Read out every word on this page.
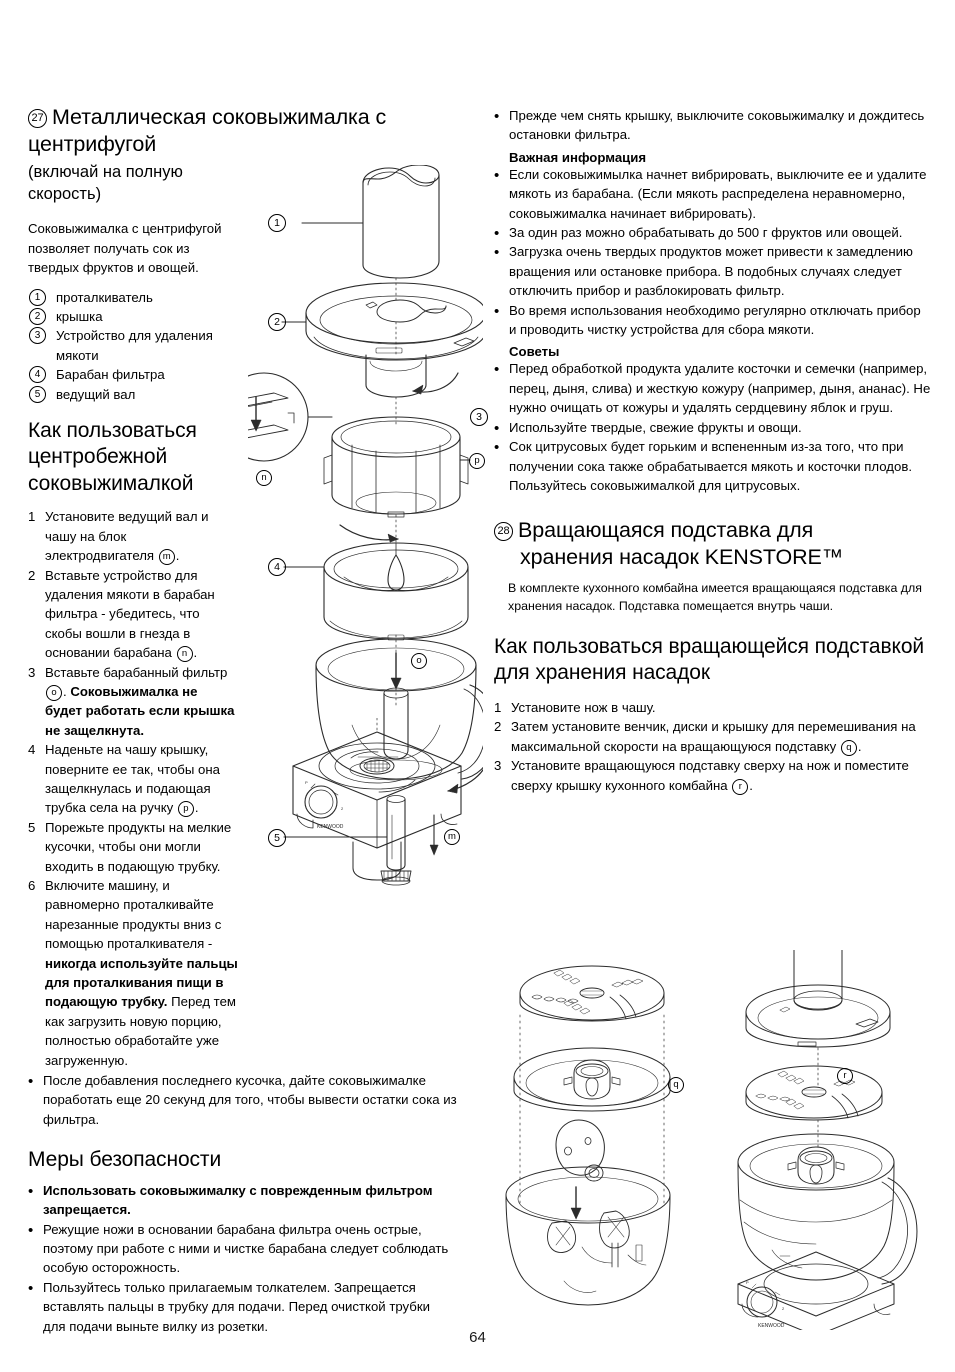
27 Металлическая соковыжималка с центрифугой
(включай на полную скорость)

Соковыжималка с центрифугой позволяет получать сок из твердых фруктов и овощей.

1	проталкиватель
2	крышка
3	Устройство для удаления мякоти
4	Барабан фильтра
5	ведущий вал
Как пользоваться центробежной соковыжималкой
1 Установите ведущий вал и чашу на блок электродвигателя m .
2 Вставьте устройство для удаления мякоти в барабан фильтра - убедитесь, что скобы вошли в гнезда в основании барабана n .
3 Вставьте барабанный фильтр o . Соковыжималка не будет работать если крышка не защелкнута.
4 Наденьте на чашу крышку, поверните ее так, чтобы она защелкнулась и подающая трубка села на ручку p .
5 Порежьте продукты на мелкие кусочки, чтобы они могли входить в подающую трубку.
6 Включите машину, и равномерно проталкивайте нарезанные продукты вниз с помощью проталкивателя - никогда используйте пальцы для проталкивания пищи в подающую трубку. Перед тем как загрузить новую порцию, полностью обработайте уже загруженную.
• После добавления последнего кусочка, дайте соковыжималке поработать еще 20 секунд для того, чтобы вывести остатки сока из фильтра.
Меры безопасности
• Использовать соковыжималку с поврежденным фильтром запрещается.
• Режущие ножи в основании барабана фильтра очень острые, поэтому при работе с ними и чистке барабана следует соблюдать особую осторожность.
• Пользуйтесь только прилагаемым толкателем. Запрещается вставлять пальцы в трубку для подачи. Перед очисткой трубки для подачи выньте вилку из розетки.
• Прежде чем снять крышку, выключите соковыжималку и дождитесь остановки фильтра.
Важная информация
• Если соковыжимылка начнет вибрировать, выключите ее и удалите мякоть из барабана. (Если мякоть распределена неравномерно, соковыжималка начинает вибрировать).
• За один раз можно обрабатывать до 500 г фруктов или овощей.
• Загрузка очень твердых продуктов может привести к замедлению вращения или остановке прибора. В подобных случаях следует отключить прибор и разблокировать фильтр.
• Во время использования необходимо регулярно отключать прибор и проводить чистку устройства для сбора мякоти.
Советы
• Перед обработкой продукта удалите косточки и семечки (например, перец, дыня, слива) и жесткую кожуру (например, дыня, ананас). Не нужно очищать от кожуры и удалять сердцевину яблок и груш.
• Используйте твердые, свежие фрукты и овощи.
• Сок цитрусовых будет горьким и вспененным из-за того, что при получении сока также обрабатывается мякоть и косточки плодов. Пользуйтесь соковыжималкой для цитрусовых.
28 Вращающаяся подставка для
хранения насадок KENSTORE™

В комплекте кухонного комбайна имеется вращающаяся подставка для хранения насадок. Подставка помещается внутрь чаши.

Как пользоваться вращающейся подставкой для хранения насадок
1 Установите нож в чашу.
2 Затем установите венчик, диски и крышку для перемешивания на максимальной скорости на вращающуюся подставку q .
3 Установите вращающуюся подставку сверху на нож и поместите сверху крышку кухонного комбайна r .
1
2
3
4
5
p
n
o
m
P
2
KENWOOD
q
P
2
KENWOOD
r
64
